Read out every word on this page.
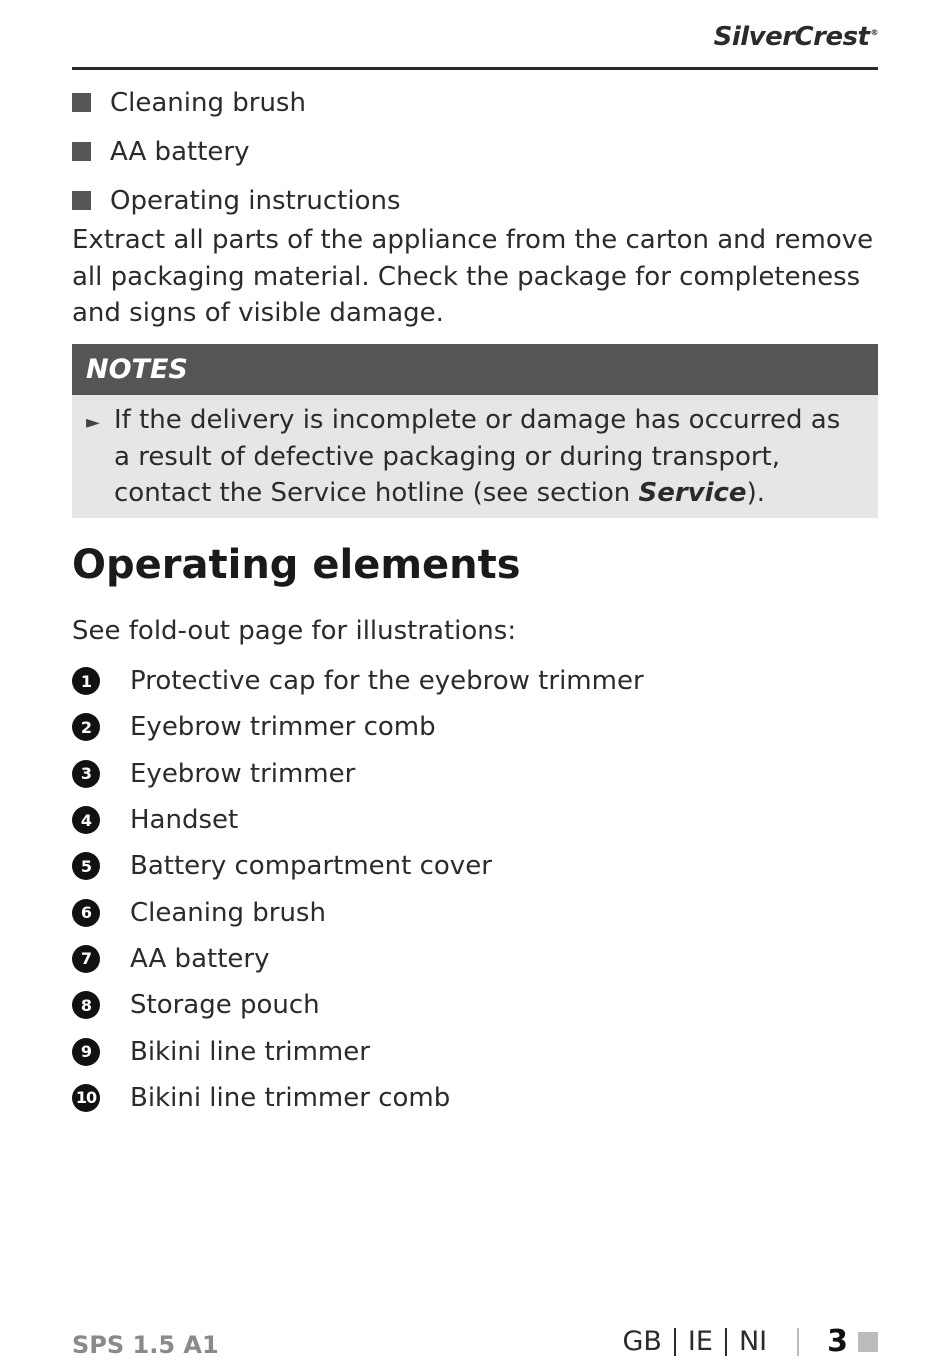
SilverCrest®
Cleaning brush
AA battery
Operating instructions

Extract all parts of the appliance from the carton and remove all packaging material. Check the package for completeness and signs of visible damage.

NOTES
► If the delivery is incomplete or damage has occurred as a result of defective packaging or during transport, contact the Service hotline (see section Service).
Operating elements

See fold-out page for illustrations:

1	Protective cap for the eyebrow trimmer
2	Eyebrow trimmer comb
3	Eyebrow trimmer
4	Handset
5	Battery compartment cover
6	Cleaning brush
7	AA battery
8	Storage pouch
9	Bikini line trimmer
10 Bikini line trimmer comb
SPS 1.5 A1	GB IE NI 3
